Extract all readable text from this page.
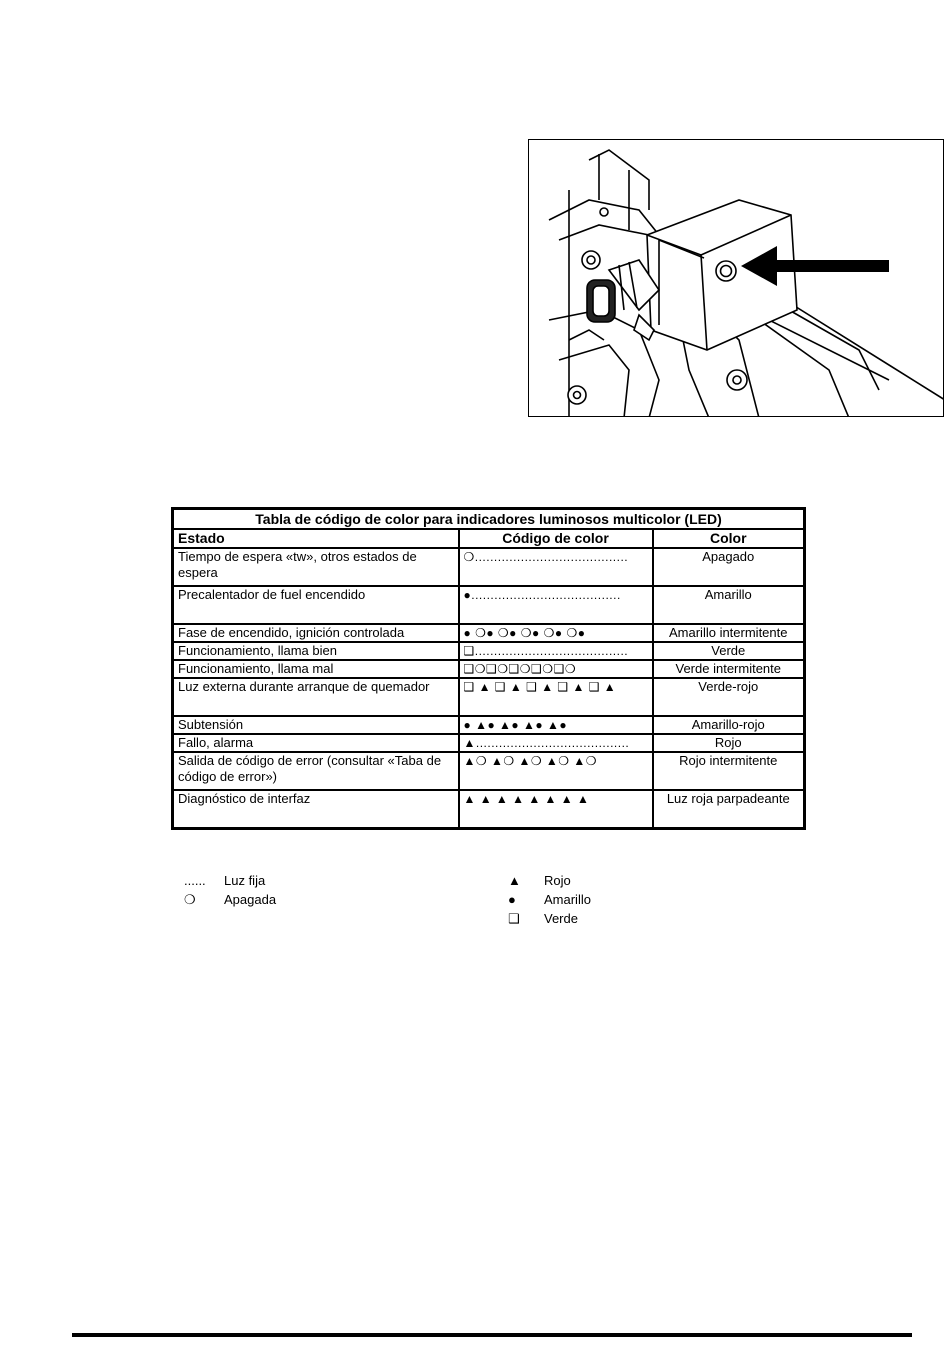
Tabla de código de color para indicadores luminosos multicolor (LED)		
Estado	Código de color	Color
Tiempo de espera «tw», otros estados de espera	❍........................................	Apagado
Precalentador de fuel encendido	●.......................................	Amarillo
Fase de encendido, ignición controlada	● ❍● ❍● ❍● ❍● ❍●	Amarillo intermitente
Funcionamiento, llama bien	❑........................................	Verde
Funcionamiento, llama mal	❑❍❑❍❑❍❑❍❑❍	Verde intermitente
Luz externa durante arranque de quemador	❑ ▲ ❑ ▲ ❑ ▲ ❑ ▲ ❑ ▲	Verde-rojo
Subtensión	● ▲● ▲● ▲● ▲●	Amarillo-rojo
Fallo, alarma	▲........................................	Rojo
Salida de código de error (consultar «Taba de código de error»)	▲❍ ▲❍ ▲❍ ▲❍ ▲❍	Rojo intermitente
Diagnóstico de interfaz	▲ ▲ ▲ ▲ ▲ ▲ ▲ ▲	Luz roja parpadeante
...... Luz fija
❍ Apagada
▲ Rojo
● Amarillo
❑ Verde
